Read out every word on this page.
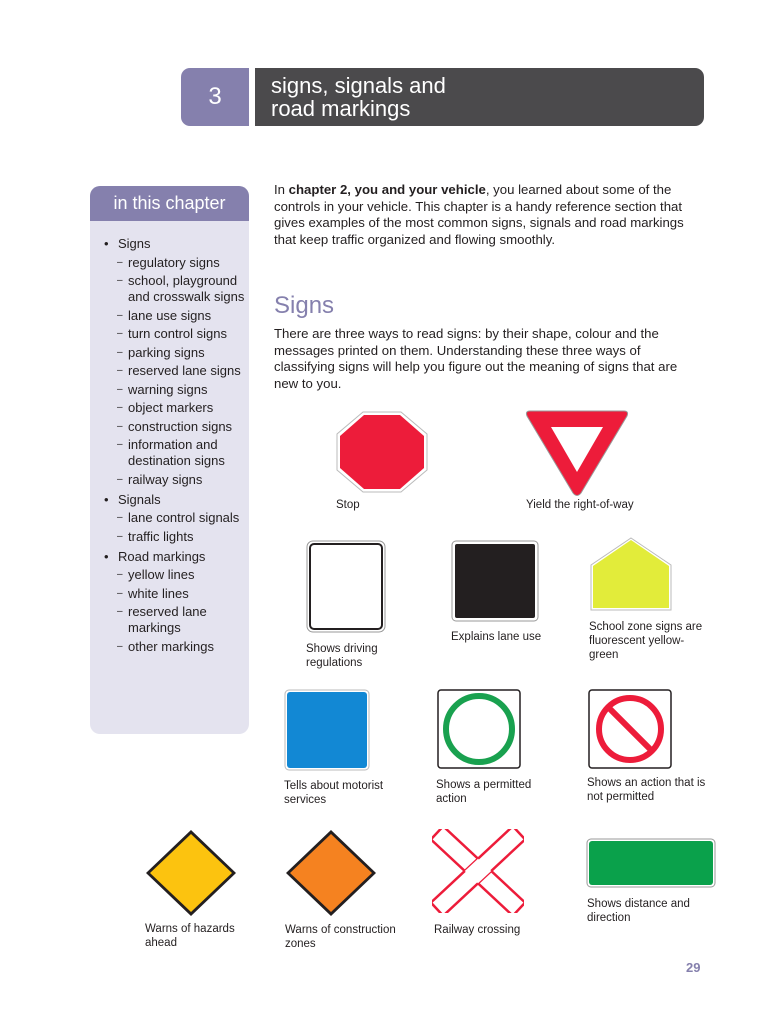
3 signs, signals and
road markings
in this chapter
• Signs
– regulatory signs
– school, playground and crosswalk signs
– lane use signs
– turn control signs
– parking signs
– reserved lane signs
– warning signs
– object markers
– construction signs
– information and destination signs
– railway signs
• Signals
– lane control signals
– traffic lights
• Road markings
– yellow lines
– white lines
– reserved lane markings
– other markings
In chapter 2, you and your vehicle, you learned about some of the controls in your vehicle. This chapter is a handy reference section that gives examples of the most common signs, signals and road markings that keep traffic organized and flowing smoothly.
Signs
There are three ways to read signs: by their shape, colour and the messages printed on them. Understanding these three ways of classifying signs will help you figure out the meaning of signs that are new to you.
Stop	Yield the right-of-way
Shows driving regulations
Explains lane use
School zone signs are fluorescent yellow-green
Tells about motorist services
Shows a permitted action
Shows an action that is not permitted
Warns of hazards ahead
Warns of construction zones
Railway crossing
Shows distance and direction
29
